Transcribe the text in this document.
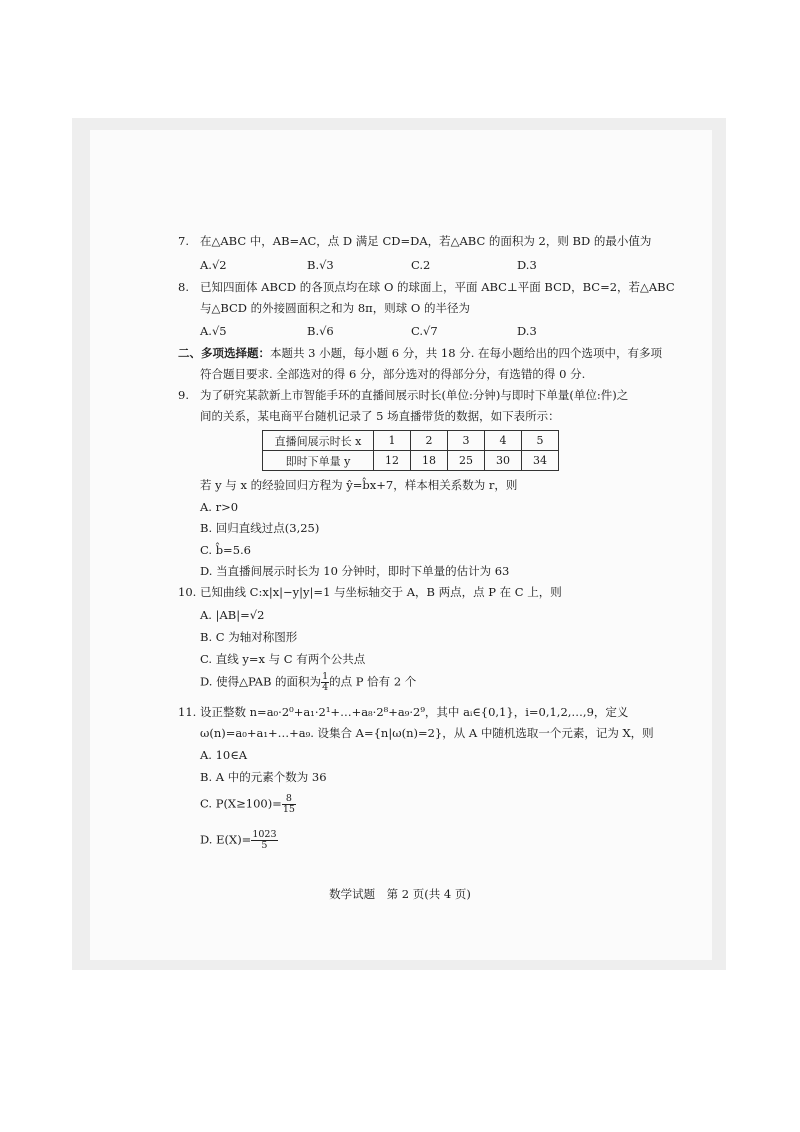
7. 在△ABC 中，AB=AC，点 D 满足 CD=DA，若△ABC 的面积为 2，则 BD 的最小值为
A.√2	B.√3	C.2	D.3
8. 已知四面体 ABCD 的各顶点均在球 O 的球面上，平面 ABC⊥平面 BCD，BC=2，若△ABC
与△BCD 的外接圆面积之和为 8π，则球 O 的半径为
A.√5	B.√6	C.√7	D.3
二、多项选择题：本题共 3 小题，每小题 6 分，共 18 分. 在每小题给出的四个选项中，有多项
符合题目要求. 全部选对的得 6 分，部分选对的得部分分，有选错的得 0 分.
9. 为了研究某款新上市智能手环的直播间展示时长(单位:分钟)与即时下单量(单位:件)之
间的关系，某电商平台随机记录了 5 场直播带货的数据，如下表所示：
直播间展示时长 x	1	2	3	4	5
即时下单量 y	12	18	25	30	34
若 y 与 x 的经验回归方程为 ŷ=b̂x+7，样本相关系数为 r，则
A. r>0
B. 回归直线过点(3,25)
C. b̂=5.6
D. 当直播间展示时长为 10 分钟时，即时下单量的估计为 63
10. 已知曲线 C:x|x|−y|y|=1 与坐标轴交于 A，B 两点，点 P 在 C 上，则
A. |AB|=√2
B. C 为轴对称图形
C. 直线 y=x 与 C 有两个公共点
D. 使得△PAB 的面积为 $\frac{1}{4}$ 的点 P 恰有 2 个
11. 设正整数 n=a₀·2⁰+a₁·2¹+…+a₈·2⁸+a₉·2⁹，其中 aᵢ∈{0,1}，i=0,1,2,…,9，定义
ω(n)=a₀+a₁+…+a₉. 设集合 A={n|ω(n)=2}，从 A 中随机选取一个元素，记为 X，则
A. 10∈A
B. A 中的元素个数为 36
C. $P(X\ge 100)= \frac{8}{15}$
D. $E(X)= \frac{1023}{5}$
数学试题　第 2 页(共 4 页)
